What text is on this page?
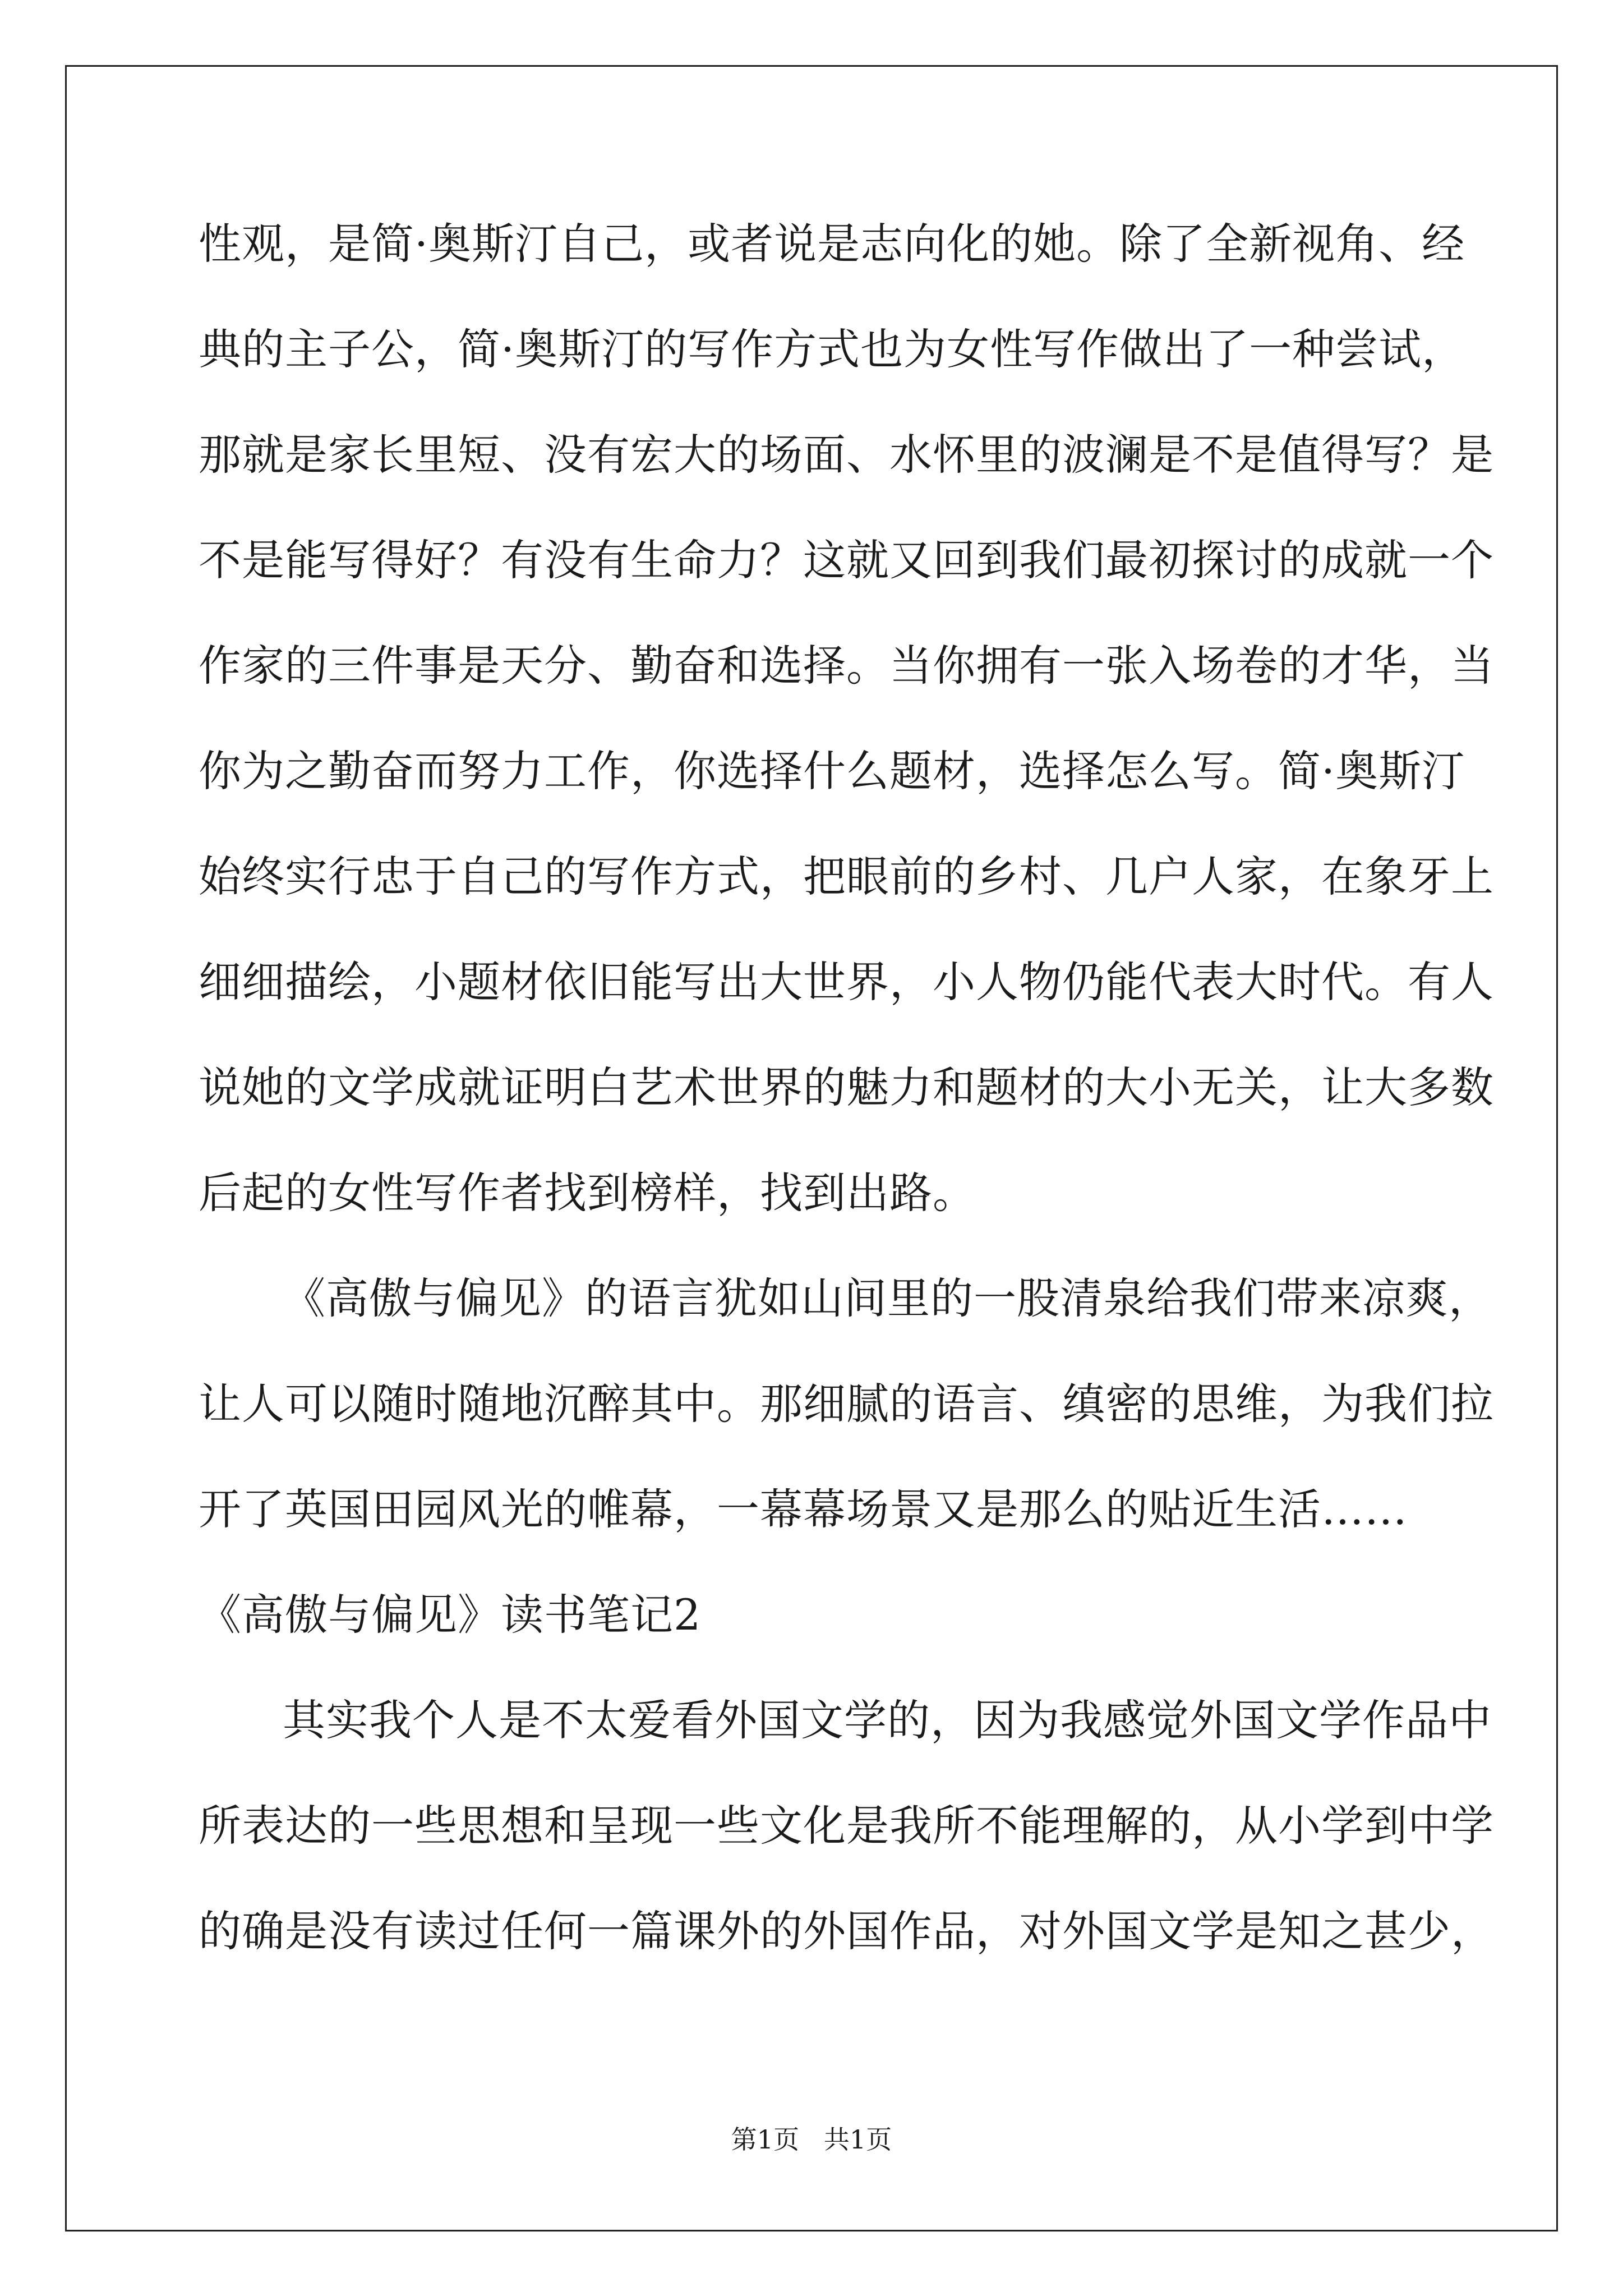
性观，是简·奥斯汀自己，或者说是志向化的她。除了全新视角、经
典的主子公，简·奥斯汀的写作方式也为女性写作做出了一种尝试，
那就是家长里短、没有宏大的场面、水怀里的波澜是不是值得写？是
不是能写得好？有没有生命力？这就又回到我们最初探讨的成就一个
作家的三件事是天分、勤奋和选择。当你拥有一张入场卷的才华，当
你为之勤奋而努力工作，你选择什么题材，选择怎么写。简·奥斯汀
始终实行忠于自己的写作方式，把眼前的乡村、几户人家，在象牙上
细细描绘，小题材依旧能写出大世界，小人物仍能代表大时代。有人
说她的文学成就证明白艺术世界的魅力和题材的大小无关，让大多数
后起的女性写作者找到榜样，找到出路。
《高傲与偏见》的语言犹如山间里的一股清泉给我们带来凉爽，
让人可以随时随地沉醉其中。那细腻的语言、缜密的思维，为我们拉
开了英国田园风光的帷幕，一幕幕场景又是那么的贴近生活……
《高傲与偏见》读书笔记2
其实我个人是不太爱看外国文学的，因为我感觉外国文学作品中
所表达的一些思想和呈现一些文化是我所不能理解的，从小学到中学
的确是没有读过任何一篇课外的外国作品，对外国文学是知之甚少，
第1页   共1页
